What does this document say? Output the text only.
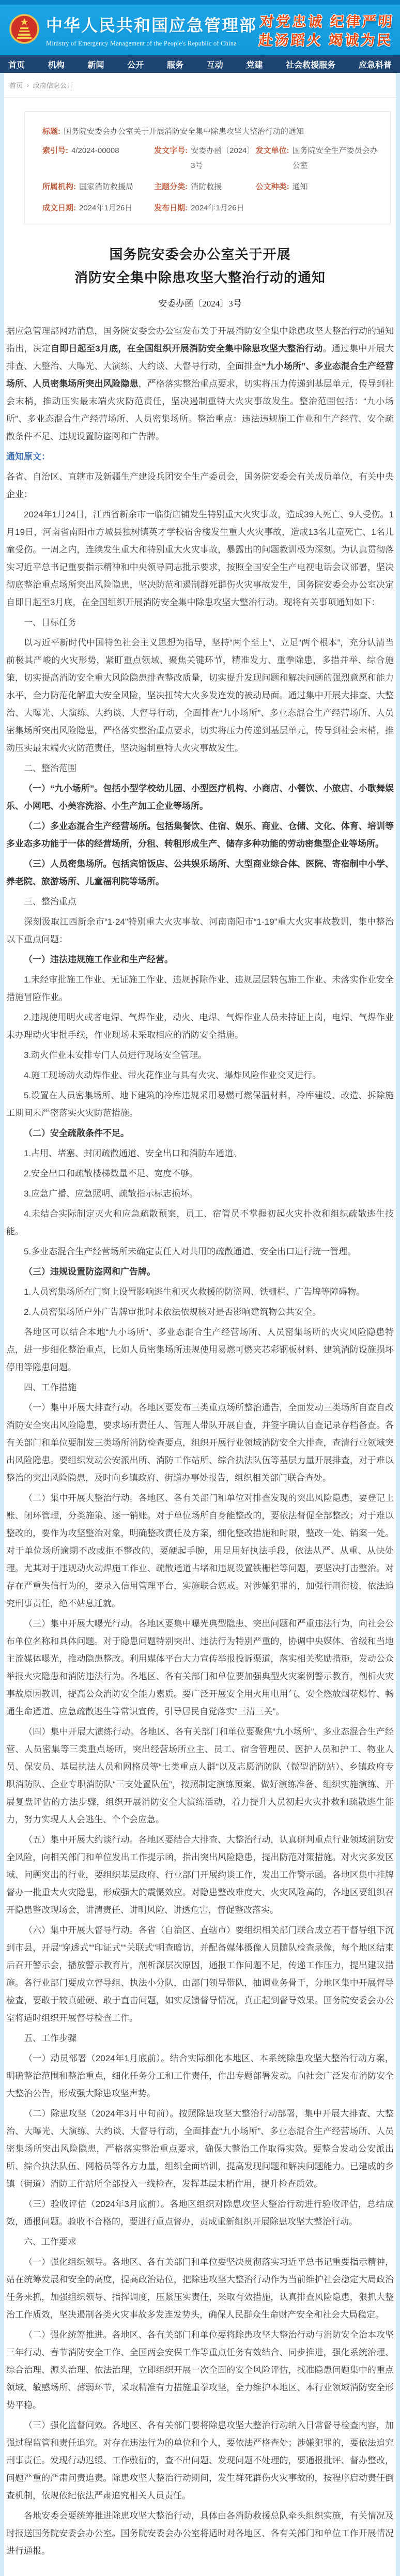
中华人民共和国应急管理部
Ministry of Emergency Management of the People's Republic of China
对党忠诚 纪律严明
赴汤蹈火 竭诚为民
首页	机构	新闻	公开	服务	互动	党建	社会救援服务	应急科普
首页 › 政府信息公开
标题: 国务院安委会办公室关于开展消防安全集中除患攻坚大整治行动的通知
索引号: 4/2024-00008	发文字号: 安委办函〔2024〕3号
发文单位: 国务院安全生产委员会办公室
所属机构: 国家消防救援局	主题分类: 消防救援	公文种类: 通知
成文日期: 2024年1月26日	发布日期: 2024年1月26日
国务院安委会办公室关于开展
消防安全集中除患攻坚大整治行动的通知
安委办函〔2024〕3号

据应急管理部网站消息，国务院安委会办公室发布关于开展消防安全集中除患攻坚大整治行动的通知指出，决定自即日起至3月底，在全国组织开展消防安全集中除患攻坚大整治行动。通过集中开展大排查、大整治、大曝光、大演练、大约谈、大督导行动，全面排查“九小场所”、多业态混合生产经营场所、人员密集场所突出风险隐患，严格落实整治重点要求，切实将压力传递到基层单元，传导到社会末梢，推动压实最末端火灾防范责任，坚决遏制重特大火灾事故发生。整治范围包括：“九小场所”、多业态混合生产经营场所、人员密集场所。整治重点：违法违规施工作业和生产经营、安全疏散条件不足、违规设置防盗网和广告牌。

通知原文：

各省、自治区、直辖市及新疆生产建设兵团安全生产委员会，国务院安委会有关成员单位，有关中央企业：

2024年1月24日，江西省新余市一临街店铺发生特别重大火灾事故，造成39人死亡、9人受伤。1月19日，河南省南阳市方城县独树镇英才学校宿舍楼发生重大火灾事故，造成13名儿童死亡、1名儿童受伤。一周之内，连续发生重大和特别重大火灾事故，暴露出的问题教训极为深刻。为认真贯彻落实习近平总书记重要指示精神和中央领导同志批示要求，按照全国安全生产电视电话会议部署，坚决彻底整治重点场所突出风险隐患，坚决防范和遏制群死群伤火灾事故发生，国务院安委会办公室决定自即日起至3月底，在全国组织开展消防安全集中除患攻坚大整治行动。现将有关事项通知如下：

一、目标任务

以习近平新时代中国特色社会主义思想为指导，坚持“两个至上”、立足“两个根本”，充分认清当前极其严峻的火灾形势，紧盯重点领域、聚焦关键环节，精准发力、重拳除患，多措并举、综合施策，切实提高消防安全重大风险隐患排查整改质量，切实提升发现问题和解决问题的强烈意愿和能力水平，全力防范化解重大安全风险，坚决扭转大火多发连发的被动局面。通过集中开展大排查、大整治、大曝光、大演练、大约谈、大督导行动，全面排查“九小场所”、多业态混合生产经营场所、人员密集场所突出风险隐患，严格落实整治重点要求，切实将压力传递到基层单元，传导到社会末梢，推动压实最末端火灾防范责任，坚决遏制重特大火灾事故发生。

二、整治范围

（一）“九小场所”。包括小型学校幼儿园、小型医疗机构、小商店、小餐饮、小旅店、小歌舞娱乐、小网吧、小美容洗浴、小生产加工企业等场所。

（二）多业态混合生产经营场所。包括集餐饮、住宿、娱乐、商业、仓储、文化、体育、培训等多业态多功能于一体的经营场所，分租、转租形成生产、储存多种功能的劳动密集型企业等场所。

（三）人员密集场所。包括宾馆饭店、公共娱乐场所、大型商业综合体、医院、寄宿制中小学、养老院、旅游场所、儿童福利院等场所。

三、整治重点

深刻汲取江西新余市“1·24”特别重大火灾事故、河南南阳市“1·19”重大火灾事故教训，集中整治以下重点问题：

（一）违法违规施工作业和生产经营。

1.未经审批施工作业、无证施工作业、违规拆除作业、违规层层转包施工作业、未落实作业安全措施冒险作业。

2.违规使用明火或者电焊、气焊作业，动火、电焊、气焊作业人员未持证上岗，电焊、气焊作业未办理动火审批手续，作业现场未采取相应的消防安全措施。

3.动火作业未安排专门人员进行现场安全管理。

4.施工现场动火动焊作业、带火花作业与具有火灾、爆炸风险作业交叉进行。

5.设置在人员密集场所、地下建筑的冷库违规采用易燃可燃保温材料，冷库建设、改造、拆除施工期间未严密落实火灾防范措施。

（二）安全疏散条件不足。

1.占用、堵塞、封闭疏散通道、安全出口和消防车通道。

2.安全出口和疏散楼梯数量不足、宽度不够。

3.应急广播、应急照明、疏散指示标志损坏。

4.未结合实际制定灭火和应急疏散预案，员工、宿管员不掌握初起火灾扑救和组织疏散逃生技能。

5.多业态混合生产经营场所未确定责任人对共用的疏散通道、安全出口进行统一管理。

（三）违规设置防盗网和广告牌。

1.人员密集场所在门窗上设置影响逃生和灭火救援的防盗网、铁栅栏、广告牌等障碍物。

2.人员密集场所户外广告牌审批时未依法依规核对是否影响建筑物公共安全。

各地区可以结合本地“九小场所”、多业态混合生产经营场所、人员密集场所的火灾风险隐患特点，进一步细化整治重点，比如人员密集场所违规使用易燃可燃夹芯彩钢板材料、建筑消防设施损坏停用等隐患问题。

四、工作措施

（一）集中开展大排查行动。各地区要发布三类重点场所整治通告，全面发动三类场所自查自改消防安全突出风险隐患，要求场所责任人、管理人带队开展自查，并签字确认自查记录存档备查。各有关部门和单位要制发三类场所消防检查要点，组织开展行业领域消防安全大排查，查清行业领域突出风险隐患。要组织发动公安派出所、消防工作站所、综合执法队伍等基层力量开展排查，对于难以整治的突出风险隐患，及时向乡镇政府、街道办事处报告，组织相关部门联合查处。

（二）集中开展大整治行动。各地区、各有关部门和单位对排查发现的突出风险隐患，要登记上账、闭环管理，分类施策、逐一销账。对于单位场所自身能整改的，要依法督促全部整改；对于难以整改的，要作为攻坚整治对象，明确整改责任及方案，细化整改措施和时限，整改一处、销案一处。对于单位场所逾期不改或拒不整改的，要硬起手腕，用足用好执法手段，依法从严、从重、从快处理。尤其对于违规动火动焊施工作业、疏散通道占堵和违规设置铁栅栏等问题，要坚决打击整治。对存在严重失信行为的，要录入信用管理平台，实施联合惩戒。对涉嫌犯罪的，加强行刑衔接，依法追究刑事责任，绝不姑息迁就。

（三）集中开展大曝光行动。各地区要集中曝光典型隐患、突出问题和严重违法行为，向社会公布单位名称和具体问题。对于隐患问题特别突出、违法行为特别严重的，协调中央媒体、省级和当地主流媒体曝光，推动隐患整改。利用媒体平台大力宣传举报投诉渠道，落实相关奖励措施，发动公众举报火灾隐患和消防违法行为。各地区、各有关部门和单位要加强典型火灾案例警示教育，剖析火灾事故原因教训，提高公众消防安全能力素质。要广泛开展安全用火用电用气、安全燃放烟花爆竹、畅通生命通道、应急疏散逃生等常识宣传，引导居民自觉落实“三清三关”。

（四）集中开展大演练行动。各地区、各有关部门和单位要聚焦“九小场所”、多业态混合生产经营、人员密集等三类重点场所，突出经营场所业主、员工、宿舍管理员、医护人员和护工、物业人员、保安员、基层执法人员和网格员等“七类重点人群”以及志愿消防队（微型消防站）、乡镇政府专职消防队、企业专职消防队“三支处置队伍”，按照制定演练预案、做好演练准备、组织实施演练、开展复盘评估的方法步骤，组织开展消防安全大演练活动，着力提升人员初起火灾扑救和疏散逃生能力，努力实现人人会逃生、个个会应急。

（五）集中开展大约谈行动。各地区要结合大排查、大整治行动，认真研判重点行业领域消防安全风险，向相关部门和单位发出工作提示函，指出突出风险隐患，提出防范对策措施。对火灾多发区域、问题突出的行业，要组织基层政府、行业部门开展约谈工作，发出工作警示函。各地区集中挂牌督办一批重大火灾隐患，形成强大的震慑效应。对隐患整改难度大、火灾风险高的，各地区要组织召开隐患整改现场会，讲清责任、讲明风险、讲透危害，督促整改落实。

（六）集中开展大督导行动。各省（自治区、直辖市）要组织相关部门联合成立若干督导组下沉到市县，开展“穿透式”“印证式”“关联式”明查暗访，并配备媒体摄像人员随队检查录像，每个地区结束后召开警示会，播放警示教育片，剖析深层次原因，通报工作问题不足，传递工作压力，提出建议措施。各行业部门要成立督导组、执法小分队，由部门领导带队，抽调业务骨干，分地区集中开展督导检查，要敢于较真碰硬、敢于直击问题，如实反馈督导情况，真正起到督导效果。国务院安委会办公室将适时组织开展督导检查工作。

五、工作步骤

（一）动员部署（2024年1月底前）。结合实际细化本地区、本系统除患攻坚大整治行动方案，明确整治范围和整治重点，细化任务分工和工作责任，作出专题部署发动。向社会广泛发布消防安全大整治公告，形成强大除患攻坚声势。

（二）除患攻坚（2024年3月中旬前）。按照除患攻坚大整治行动部署，集中开展大排查、大整治、大曝光、大演练、大约谈、大督导行动，全面排查“九小场所”、多业态混合生产经营场所、人员密集场所突出风险隐患，严格落实整治重点要求，确保大整治工作取得实效。要整合发动公安派出所、综合执法队伍、网格员等各方力量，组织全面培训，提高发现问题和解决问题能力。已建成的乡镇（街道）消防工作站所全部投入一线检查，发挥基层末梢作用，提升检查质效。

（三）验收评估（2024年3月底前）。各地区组织对除患攻坚大整治行动进行验收评估，总结成效，通报问题。验收不合格的，要进行重点督办，责成重新组织开展除患攻坚大整治行动。

六、工作要求

（一）强化组织领导。各地区、各有关部门和单位要坚决贯彻落实习近平总书记重要指示精神，站在统筹发展和安全的高度，提高政治站位，把除患攻坚大整治行动作为当前维护社会稳定大局政治任务来抓，加强组织领导、指挥调度，压紧压实责任，采取有效措施，认真排查风险隐患，狠抓大整治工作质效，坚决遏制各类火灾事故多发连发势头，确保人民群众生命财产安全和社会大局稳定。

（二）强化统筹推进。各地区、各有关部门和单位要将除患攻坚大整治行动与消防安全治本攻坚三年行动、春节消防安全工作、全国两会安保工作等重点任务有效结合、同步推进，强化系统治理、综合治理、源头治理、依法治理，立即组织开展一次全面的安全风险评估，找准隐患问题集中的重点领域、敏感场所、薄弱环节，采取精准有力措施重拳攻坚，全力维护本地区、本行业领域消防安全形势平稳。

（三）强化监督问效。各地区、各有关部门要将除患攻坚大整治行动纳入日常督导检查内容，加强过程监管和责任追究。对存在违法行为的单位和个人，要依法严格查处；涉嫌犯罪的，要依法追究刑事责任。发现行动迟缓、工作敷衍的，查不出问题、发现问题不处理的，要通报批评、督办整改，问题严重的严肃问责追责。除患攻坚大整治行动期间，发生群死群伤火灾事故的，按程序启动责任倒查机制，依规依纪依法严肃追究相关人员责任。

各地安委会要统筹推进除患攻坚大整治行动，具体由各消防救援总队牵头组织实施，有关情况及时报送国务院安委会办公室。国务院安委会办公室将适时对各地区、各有关部门和单位工作开展情况进行通报。
